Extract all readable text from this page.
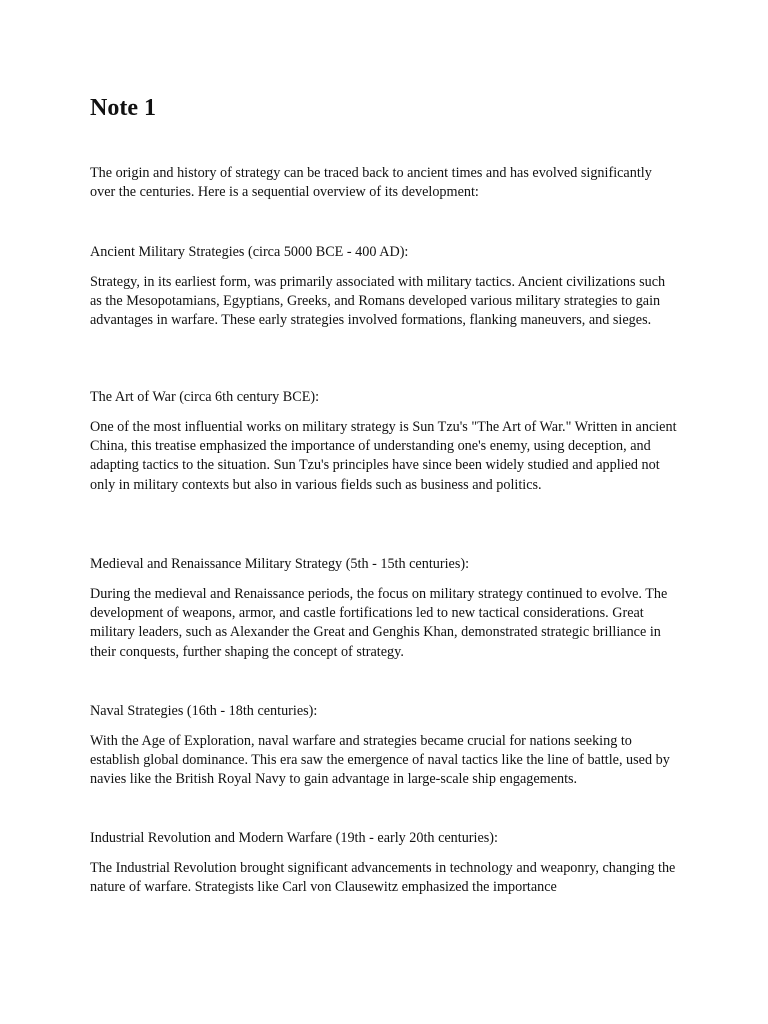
Note 1

The origin and history of strategy can be traced back to ancient times and has evolved significantly over the centuries. Here is a sequential overview of its development:

Ancient Military Strategies (circa 5000 BCE - 400 AD):

Strategy, in its earliest form, was primarily associated with military tactics. Ancient civilizations such as the Mesopotamians, Egyptians, Greeks, and Romans developed various military strategies to gain advantages in warfare. These early strategies involved formations, flanking maneuvers, and sieges.

The Art of War (circa 6th century BCE):

One of the most influential works on military strategy is Sun Tzu's "The Art of War." Written in ancient China, this treatise emphasized the importance of understanding one's enemy, using deception, and adapting tactics to the situation. Sun Tzu's principles have since been widely studied and applied not only in military contexts but also in various fields such as business and politics.

Medieval and Renaissance Military Strategy (5th - 15th centuries):

During the medieval and Renaissance periods, the focus on military strategy continued to evolve. The development of weapons, armor, and castle fortifications led to new tactical considerations. Great military leaders, such as Alexander the Great and Genghis Khan, demonstrated strategic brilliance in their conquests, further shaping the concept of strategy.

Naval Strategies (16th - 18th centuries):

With the Age of Exploration, naval warfare and strategies became crucial for nations seeking to establish global dominance. This era saw the emergence of naval tactics like the line of battle, used by navies like the British Royal Navy to gain advantage in large-scale ship engagements.

Industrial Revolution and Modern Warfare (19th - early 20th centuries):

The Industrial Revolution brought significant advancements in technology and weaponry, changing the nature of warfare. Strategists like Carl von Clausewitz emphasized the importance
